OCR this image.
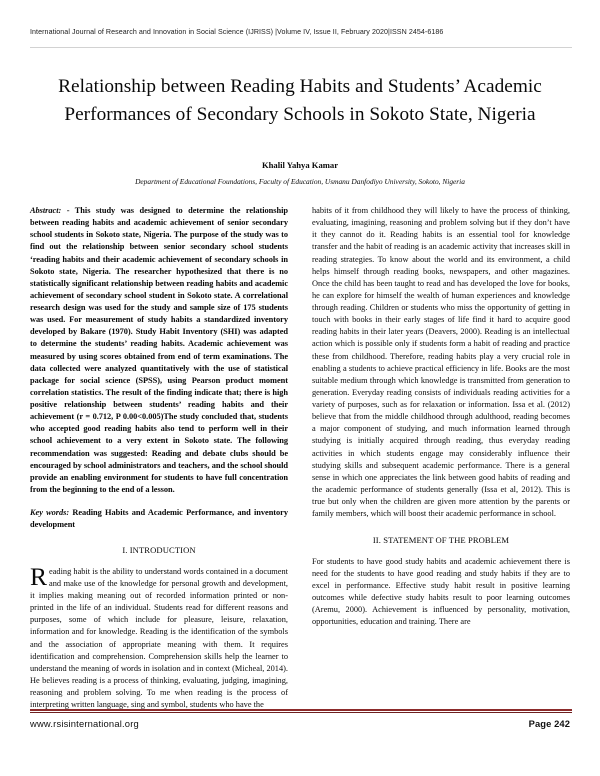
International Journal of Research and Innovation in Social Science (IJRISS) |Volume IV, Issue II, February 2020|ISSN 2454-6186
Relationship between Reading Habits and Students’ Academic Performances of Secondary Schools in Sokoto State, Nigeria
Khalil Yahya Kamar
Department of Educational Foundations, Faculty of Education, Usmanu Danfodiyo University, Sokoto, Nigeria

Abstract: - This study was designed to determine the relationship between reading habits and academic achievement of senior secondary school students in Sokoto state, Nigeria. The purpose of the study was to find out the relationship between senior secondary school students ‘reading habits and their academic achievement of secondary schools in Sokoto state, Nigeria. The researcher hypothesized that there is no statistically significant relationship between reading habits and academic achievement of secondary school student in Sokoto state. A correlational research design was used for the study and sample size of 175 students was used. For measurement of study habits a standardized inventory developed by Bakare (1970). Study Habit Inventory (SHI) was adapted to determine the students’ reading habits. Academic achievement was measured by using scores obtained from end of term examinations. The data collected were analyzed quantitatively with the use of statistical package for social science (SPSS), using Pearson product moment correlation statistics. The result of the finding indicate that; there is high positive relationship between students’ reading habits and their achievement (r = 0.712, P 0.00<0.005)The study concluded that, students who accepted good reading habits also tend to perform well in their school achievement to a very extent in Sokoto state. The following recommendation was suggested: Reading and debate clubs should be encouraged by school administrators and teachers, and the school should provide an enabling environment for students to have full concentration from the beginning to the end of a lesson.

Key words: Reading Habits and Academic Performance, and inventory development

I. INTRODUCTION

Reading habit is the ability to understand words contained in a document and make use of the knowledge for personal growth and development, it implies making meaning out of recorded information printed or non- printed in the life of an individual. Students read for different reasons and purposes, some of which include for pleasure, leisure, relaxation, information and for knowledge. Reading is the identification of the symbols and the association of appropriate meaning with them. It requires identification and comprehension. Comprehension skills help the learner to understand the meaning of words in isolation and in context (Micheal, 2014). He believes reading is a process of thinking, evaluating, judging, imagining, reasoning and problem solving. To me when reading is the process of interpreting written language, sing and symbol, students who have the

habits of it from childhood they will likely to have the process of thinking, evaluating, imagining, reasoning and problem solving but if they don’t have it they cannot do it. Reading habits is an essential tool for knowledge transfer and the habit of reading is an academic activity that increases skill in reading strategies. To know about the world and its environment, a child helps himself through reading books, newspapers, and other magazines. Once the child has been taught to read and has developed the love for books, he can explore for himself the wealth of human experiences and knowledge through reading. Children or students who miss the opportunity of getting in touch with books in their early stages of life find it hard to acquire good reading habits in their later years (Deavers, 2000). Reading is an intellectual action which is possible only if students form a habit of reading and practice these from childhood. Therefore, reading habits play a very crucial role in enabling a students to achieve practical efficiency in life. Books are the most suitable medium through which knowledge is transmitted from generation to generation. Everyday reading consists of individuals reading activities for a variety of purposes, such as for relaxation or information. Issa et al. (2012) believe that from the middle childhood through adulthood, reading becomes a major component of studying, and much information learned through studying is initially acquired through reading, thus everyday reading activities in which students engage may considerably influence their studying skills and subsequent academic performance. There is a general sense in which one appreciates the link between good habits of reading and the academic performance of students generally (Issa et al, 2012). This is true but only when the children are given more attention by the parents or family members, which will boost their academic performance in school.

II. STATEMENT OF THE PROBLEM

For students to have good study habits and academic achievement there is need for the students to have good reading and study habits if they are to excel in performance. Effective study habit result in positive learning outcomes while defective study habits result to poor learning outcomes (Aremu, 2000). Achievement is influenced by personality, motivation, opportunities, education and training. There are

www.rsisinternational.org	Page 242
